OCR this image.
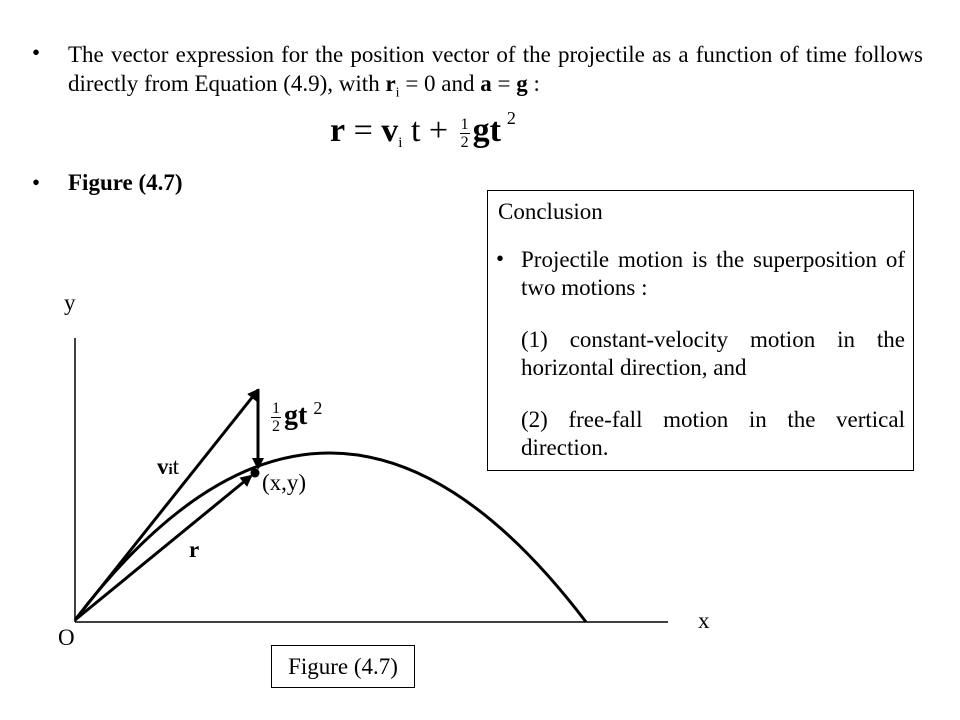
• The vector expression for the position vector of the projectile as a function of time follows directly from Equation (4.9), with $r_i = 0$ and a = g :
r = vi $t + \frac{1}{2}$ gt $^2$
• Figure (4.7)
Conclusion
• Projectile motion is the superposition of two motions :
(1) constant-velocity motion in the horizontal direction, and
(2) free-fall motion in the vertical direction.
y
x
O
vit
r
(x,y)
$\frac{1}{2}$ gt $^2$
Figure (4.7)
